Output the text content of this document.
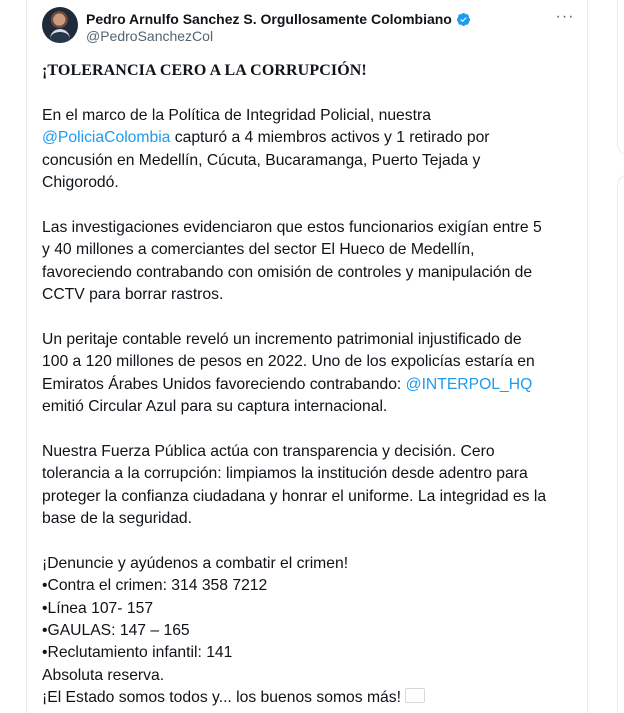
Pedro Arnulfo Sanchez S. Orgullosamente Colombiano
@PedroSanchezCol
···

¡TOLERANCIA CERO A LA CORRUPCIÓN!

En el marco de la Política de Integridad Policial, nuestra
@PoliciaColombia capturó a 4 miembros activos y 1 retirado por
concusión en Medellín, Cúcuta, Bucaramanga, Puerto Tejada y
Chigorodó.

Las investigaciones evidenciaron que estos funcionarios exigían entre 5
y 40 millones a comerciantes del sector El Hueco de Medellín,
favoreciendo contrabando con omisión de controles y manipulación de
CCTV para borrar rastros.

Un peritaje contable reveló un incremento patrimonial injustificado de
100 a 120 millones de pesos en 2022. Uno de los expolicías estaría en
Emiratos Árabes Unidos favoreciendo contrabando: @INTERPOL_HQ
emitió Circular Azul para su captura internacional.

Nuestra Fuerza Pública actúa con transparencia y decisión. Cero
tolerancia a la corrupción: limpiamos la institución desde adentro para
proteger la confianza ciudadana y honrar el uniforme. La integridad es la
base de la seguridad.

¡Denuncie y ayúdenos a combatir el crimen!
•Contra el crimen: 314 358 7212
•Línea 107- 157
•GAULAS: 147 – 165
•Reclutamiento infantil: 141
Absoluta reserva.
¡El Estado somos todos y... los buenos somos más!
